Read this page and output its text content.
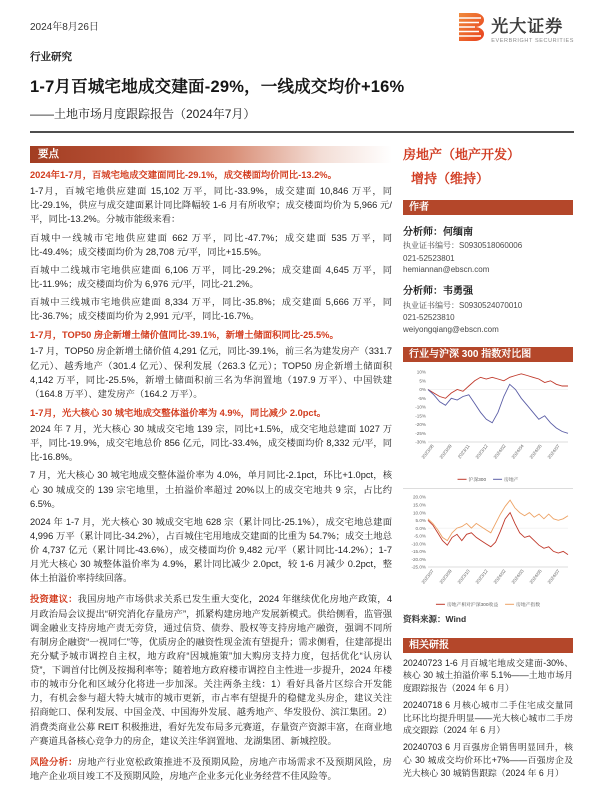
2024年8月26日	光大证券
EVERBRIGHT SECURITIES
行业研究
1-7月百城宅地成交建面-29%，一线成交均价+16%
——土地市场月度跟踪报告（2024年7月）
要点
2024年1-7月，百城宅地成交建面同比-29.1%，成交楼面均价同比-13.2%。
1-7月，百城宅地供应建面 15,102 万平，同比-33.9%，成交建面 10,846 万平，同比-29.1%，供应与成交建面累计同比降幅较 1-6 月有所收窄；成交楼面均价为 5,966 元/平，同比-13.2%。分城市能级来看：
百城中一线城市宅地供应建面 662 万平，同比-47.7%；成交建面 535 万平，同比-49.4%；成交楼面均价为 28,708 元/平，同比+15.5%。
百城中二线城市宅地供应建面 6,106 万平，同比-29.2%；成交建面 4,645 万平，同比-11.9%；成交楼面均价为 6,976 元/平，同比-21.2%。
百城中三线城市宅地供应建面 8,334 万平，同比-35.8%；成交建面 5,666 万平，同比-36.7%；成交楼面均价为 2,991 元/平，同比-16.7%。
1-7月，TOP50 房企新增土储价值同比-39.1%，新增土储面积同比-25.5%。
1-7 月，TOP50 房企新增土储价值 4,291 亿元，同比-39.1%，前三名为建发房产（331.7 亿元）、越秀地产（301.4 亿元）、保利发展（263.3 亿元）；TOP50 房企新增土储面积 4,142 万平，同比-25.5%，新增土储面积前三名为华润置地（197.9 万平）、中国铁建（164.8 万平）、建发房产（164.2 万平）。
1-7月，光大核心 30 城宅地成交整体溢价率为 4.9%，同比减少 2.0pct。
2024 年 7 月，光大核心 30 城成交宅地 139 宗，同比+1.5%，成交宅地总建面 1027 万平，同比-19.9%，成交宅地总价 856 亿元，同比-33.4%，成交楼面均价 8,332 元/平，同比-16.8%。
7 月，光大核心 30 城宅地成交整体溢价率为 4.0%，单月同比-2.1pct，环比+1.0pct，核心 30 城成交的 139 宗宅地里，土拍溢价率超过 20%以上的成交宅地共 9 宗，占比约 6.5%。
2024 年 1-7 月，光大核心 30 城成交宅地 628 宗（累计同比-25.1%），成交宅地总建面 4,996 万平（累计同比-34.2%），占百城住宅用地成交建面的比重为 54.7%；成交土地总价 4,737 亿元（累计同比-43.6%），成交楼面均价 9,482 元/平（累计同比-14.2%）；1-7 月光大核心 30 城整体溢价率为 4.9%，累计同比减少 2.0pct，较 1-6 月减少 0.2pct，整体土拍溢价率持续回落。
投资建议：我国房地产市场供求关系已发生重大变化，2024 年继续优化房地产政策，4 月政治局会议提出“研究消化存量房产”，抓紧构建房地产发展新模式。供给侧看，监管强调金融业支持房地产责无旁贷，通过信贷、债券、股权等支持房地产融资，强调不同所有制房企融资“一视同仁”等，优质房企的融资性现金流有望提升；需求侧看，住建部提出充分赋予城市调控自主权，地方政府“因城施策”加大购房支持力度，包括优化“认房认贷”，下调首付比例及按揭利率等；随着地方政府楼市调控自主性进一步提升，2024 年楼市的城市分化和区域分化将进一步加深。关注两条主线：1）看好具备片区综合开发能力，有机会参与超大特大城市的城市更新，市占率有望提升的稳健龙头房企，建议关注招商蛇口、保利发展、中国金茂、中国海外发展、越秀地产、华发股份、滨江集团。2）消费类商业公募 REIT 积极推进，看好先发布局多元赛道，存量资产资源丰富，在商业地产赛道具备核心竞争力的房企，建议关注华润置地、龙湖集团、新城控股。
风险分析：房地产行业宽松政策推进不及预期风险，房地产市场需求不及预期风险，房地产企业项目竣工不及预期风险，房地产企业多元化业务经营不佳风险等。
房地产（地产开发）
增持（维持）
作者
分析师：何缅南
执业证书编号：S0930518060006
021-52523801
hemiannan@ebscn.com
分析师：韦勇强
执业证书编号：S0930524070010
021-52523810
weiyongqiang@ebscn.com
行业与沪深 300 指数对比图
10%
5%
0%
-5%
-10%
-15%
-20%
-25%
-30%
2023/08 2023/09 2023/11 2023/12 2024/02 2024/04 2024/05 2024/07
沪深300	房地产
20.0%
15.0%
10.0%
5.0%
0.0%
-5.0%
-10.0%
-15.0%
-20.0%
-25.0%
2023/07 2023/09 2023/10 2023/12 2024/02 2024/03 2024/05 2024/07
房地产相对沪深300收益	房地产指数
资料来源：Wind
相关研报
20240723 1-6 月百城宅地成交建面-30%、核心 30 城土拍溢价率 5.1%——土地市场月度跟踪报告（2024 年 6 月）
20240718 6 月核心城市二手住宅成交量同比环比均提升明显——光大核心城市二手房成交跟踪（2024 年 6 月）
20240703 6 月百强房企销售明显回升，核心 30 城成交均价环比+7%——百强房企及光大核心 30 城销售跟踪（2024 年 6 月）
